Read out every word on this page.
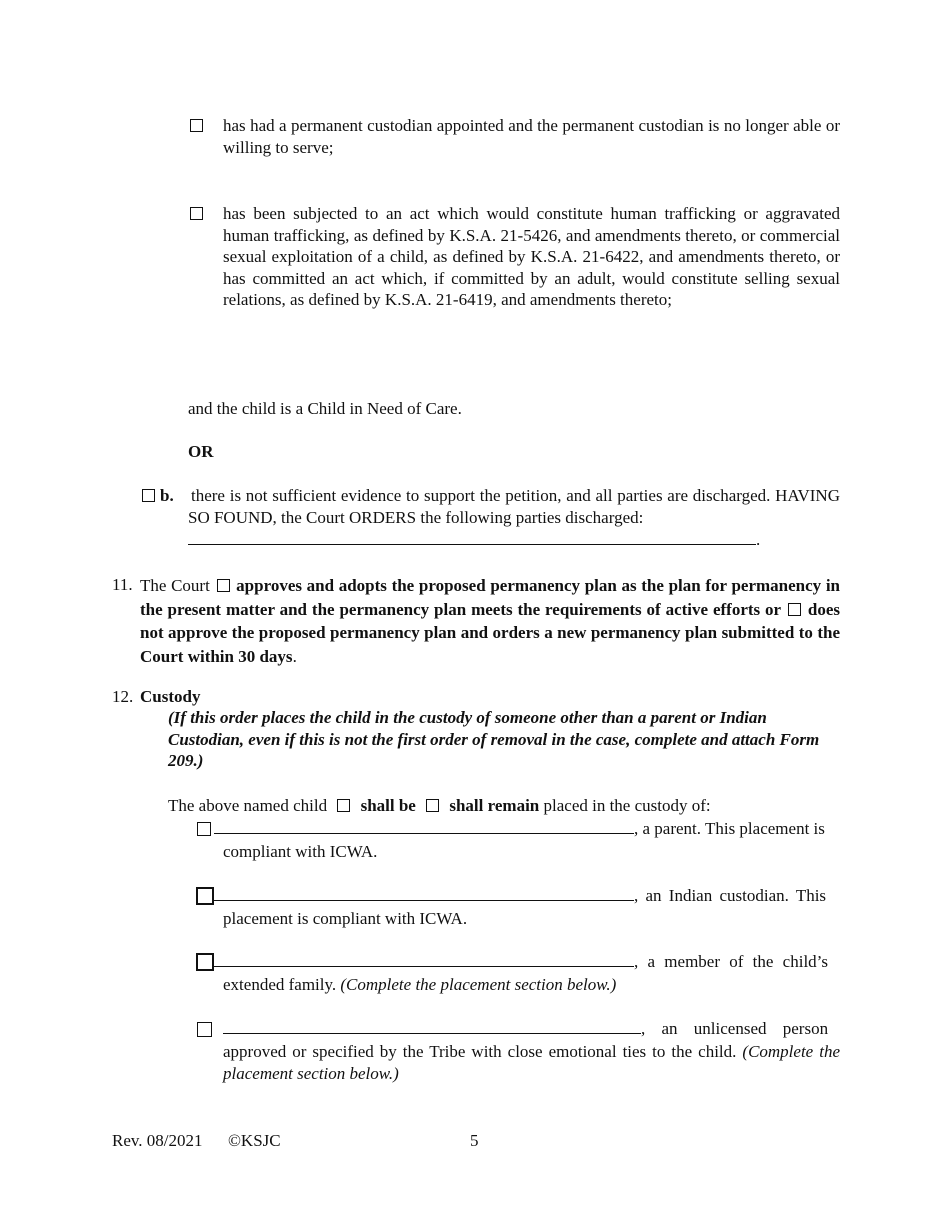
has had a permanent custodian appointed and the permanent custodian is no longer able or willing to serve;
has been subjected to an act which would constitute human trafficking or aggravated human trafficking, as defined by K.S.A. 21-5426, and amendments thereto, or commercial sexual exploitation of a child, as defined by K.S.A. 21-6422, and amendments thereto, or has committed an act which, if committed by an adult, would constitute selling sexual relations, as defined by K.S.A. 21-6419, and amendments thereto;
and the child is a Child in Need of Care.
OR
b. there is not sufficient evidence to support the petition, and all parties are discharged. HAVING SO FOUND, the Court ORDERS the following parties discharged:
.
11. The Court approves and adopts the proposed permanency plan as the plan for permanency in the present matter and the permanency plan meets the requirements of active efforts or does not approve the proposed permanency plan and orders a new permanency plan submitted to the Court within 30 days.
12. Custody
(If this order places the child in the custody of someone other than a parent or Indian Custodian, even if this is not the first order of removal in the case, complete and attach Form 209.)
The above named child shall be shall remain placed in the custody of:
, a parent. This placement is
compliant with ICWA.
, an Indian custodian. This
placement is compliant with ICWA.
, a member of the child’s
extended family. (Complete the placement section below.)
, an unlicensed person
approved or specified by the Tribe with close emotional ties to the child. (Complete the placement section below.)
Rev. 08/2021 ©KSJC	5
